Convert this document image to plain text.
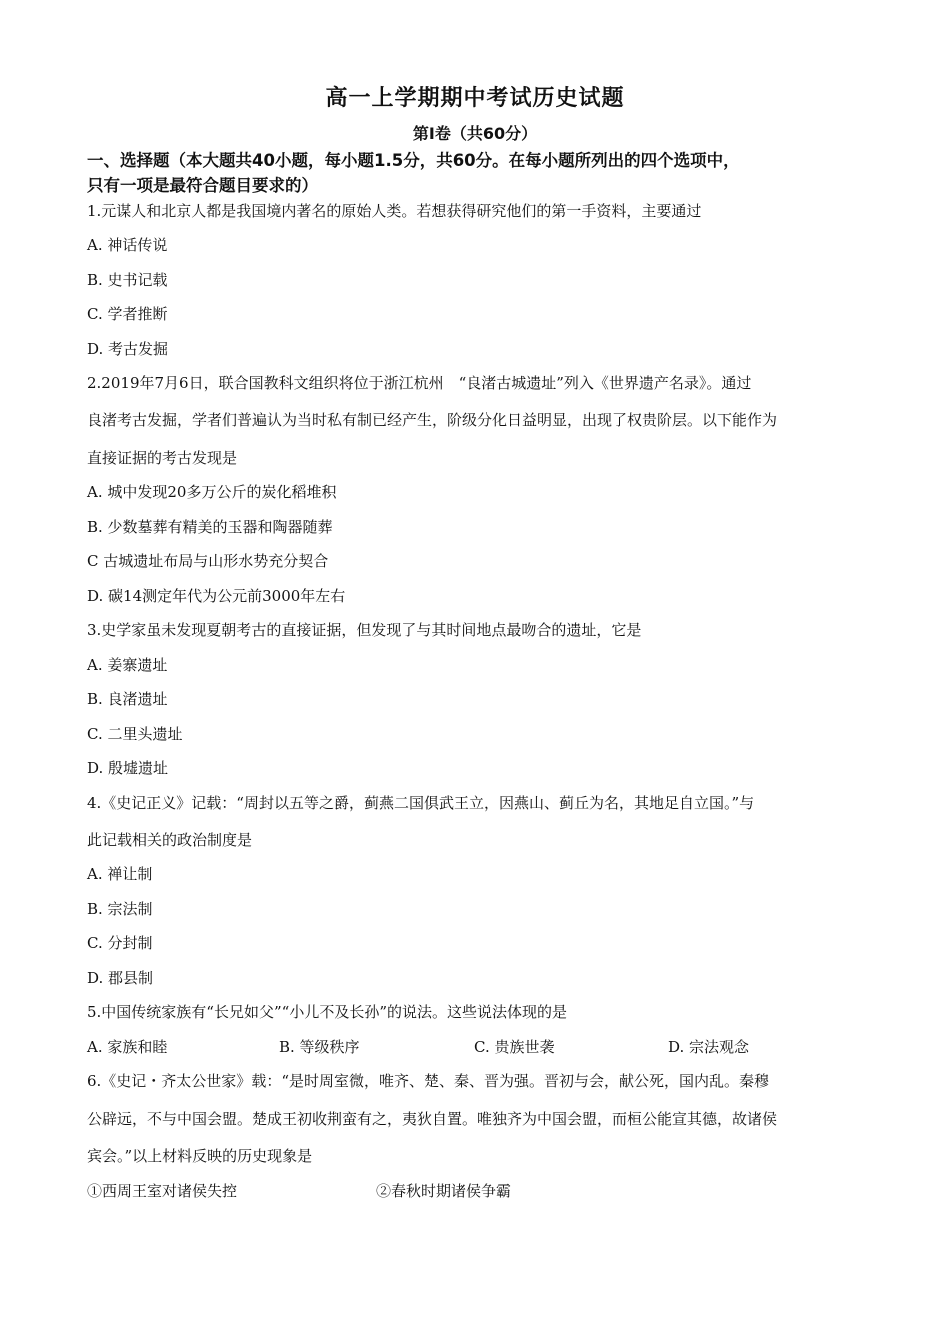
高一上学期期中考试历史试题
第Ⅰ卷（共60分）
一、选择题（本大题共40小题，每小题1.5分，共60分。在每小题所列出的四个选项中，
只有一项是最符合题目要求的）
1.元谋人和北京人都是我国境内著名的原始人类。若想获得研究他们的第一手资料，主要通过
A. 神话传说
B. 史书记载
C. 学者推断
D. 考古发掘
2.2019年7月6日，联合国教科文组织将位于浙江杭州　“良渚古城遗址”列入《世界遗产名录》。通过
良渚考古发掘，学者们普遍认为当时私有制已经产生，阶级分化日益明显，出现了权贵阶层。以下能作为
直接证据的考古发现是
A. 城中发现20多万公斤的炭化稻堆积
B. 少数墓葬有精美的玉器和陶器随葬
C 古城遗址布局与山形水势充分契合
D. 碳14测定年代为公元前3000年左右
3.史学家虽未发现夏朝考古的直接证据，但发现了与其时间地点最吻合的遗址，它是
A. 姜寨遗址
B. 良渚遗址
C. 二里头遗址
D. 殷墟遗址
4.《史记正义》记载：“周封以五等之爵，蓟燕二国俱武王立，因燕山、蓟丘为名，其地足自立国。”与
此记载相关的政治制度是
A. 禅让制
B. 宗法制
C. 分封制
D. 郡县制
5.中国传统家族有“长兄如父”“小儿不及长孙”的说法。这些说法体现的是
A. 家族和睦	B. 等级秩序	C. 贵族世袭	D. 宗法观念
6.《史记・齐太公世家》载：“是时周室微，唯齐、楚、秦、晋为强。晋初与会，献公死，国内乱。秦穆
公辟远，不与中国会盟。楚成王初收荆蛮有之，夷狄自置。唯独齐为中国会盟，而桓公能宣其德，故诸侯
宾会。”以上材料反映的历史现象是
①西周王室对诸侯失控	②春秋时期诸侯争霸
